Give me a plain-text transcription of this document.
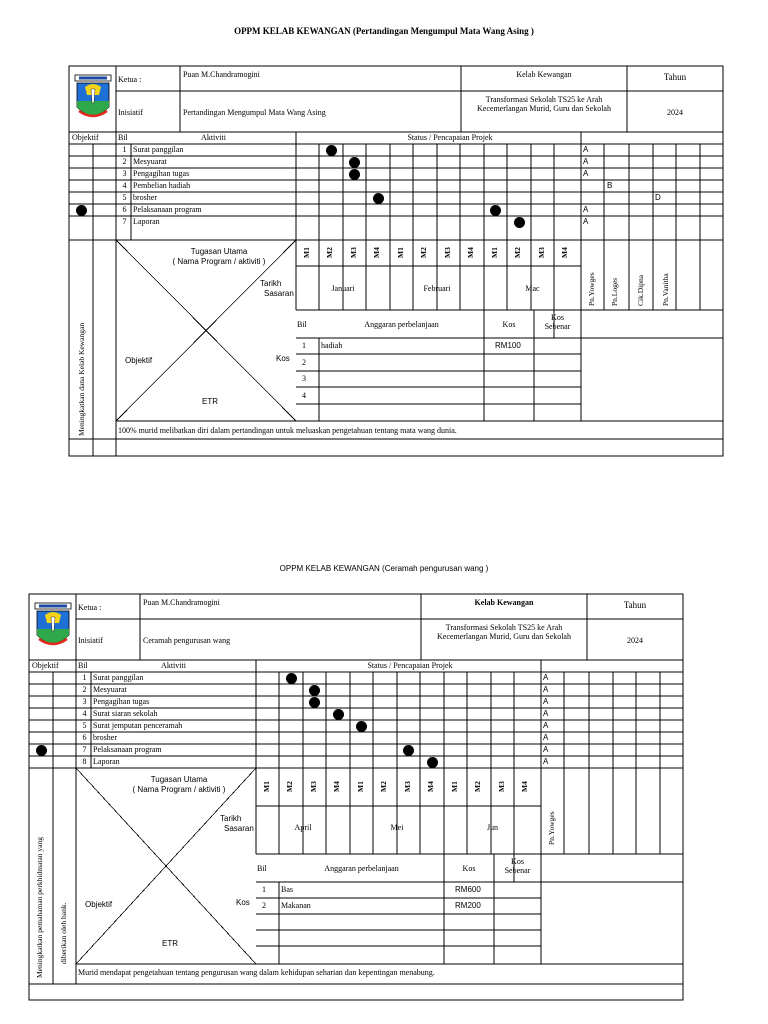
OPPM KELAB KEWANGAN (Pertandingan Mengumpul Mata Wang Asing )
Ketua :
Puan M.Chandramogini	Kelab Kewangan	Tahun
Inisiatif	Pertandingan Mengumpul Mata Wang Asing
Transformasi Sekolah TS25 ke Arah Kecemerlangan Murid, Guru dan Sekolah	2024
Objektif Bil	Aktiviti	Status / Pencapaian Projek
1 Surat panggilan	A
2 Mesyuarat	A
3 Pengagihan tugas	A
4 Pembelian hadiah	B
5 brosher	D
6 Pelaksanaan program	A
7 Laporan	A
M1 M2 M3 M4 M1 M2 M3 M4 M1 M2 M3 M4
Januari	Februari	Mac	Pn.Yowges Pn.Loges Cik.Dipna Pn.Vanitha
Tugasan Utama
( Nama Program / aktiviti )
Tarikh
Sasaran
Objektif	Kos
ETR
Bil	Anggaran perbelanjaan	Kos
Kos
Sebenar
1 hadiah	RM100
2
3
4
Meningkatkan dana Kelab Kewangan	100% murid melibatkan diri dalam pertandingan untuk meluaskan pengetahuan tentang mata wang dunia.
OPPM KELAB KEWANGAN (Ceramah pengurusan wang )
Ketua :
Puan M.Chandramogini	Kelab Kewangan	Tahun
Inisiatif	Ceramah pengurusan wang
Transformasi Sekolah TS25 ke Arah Kecemerlangan Murid, Guru dan Sekolah	2024
Objektif Bil	Aktiviti	Status / Pencapaian Projek
1 Surat panggilan	A
2 Mesyuarat	A
3 Pengagihan tugas	A
4 Surat siaran sekolah	A
5 Surat jemputan penceramah	A
6 brosher	A
7 Pelaksanaan program	A
8 Laporan	A
M1 M2 M3 M4 M1 M2 M3 M4 M1 M2 M3 M4
April	Mei	Jun	Pn.Yowges
Tugasan Utama
( Nama Program / aktiviti )
Tarikh
Sasaran
Objektif	Kos
ETR
Bil	Anggaran perbelanjaan	Kos
Kos
Sebenar
1 Bas	RM600
2 Makanan	RM200
Meningkatkan pemahaman perkhidmatan yang diberikan oleh bank.
Murid mendapat pengetahuan tentang pengurusan wang dalam kehidupan seharian dan kepentingan menabung.
